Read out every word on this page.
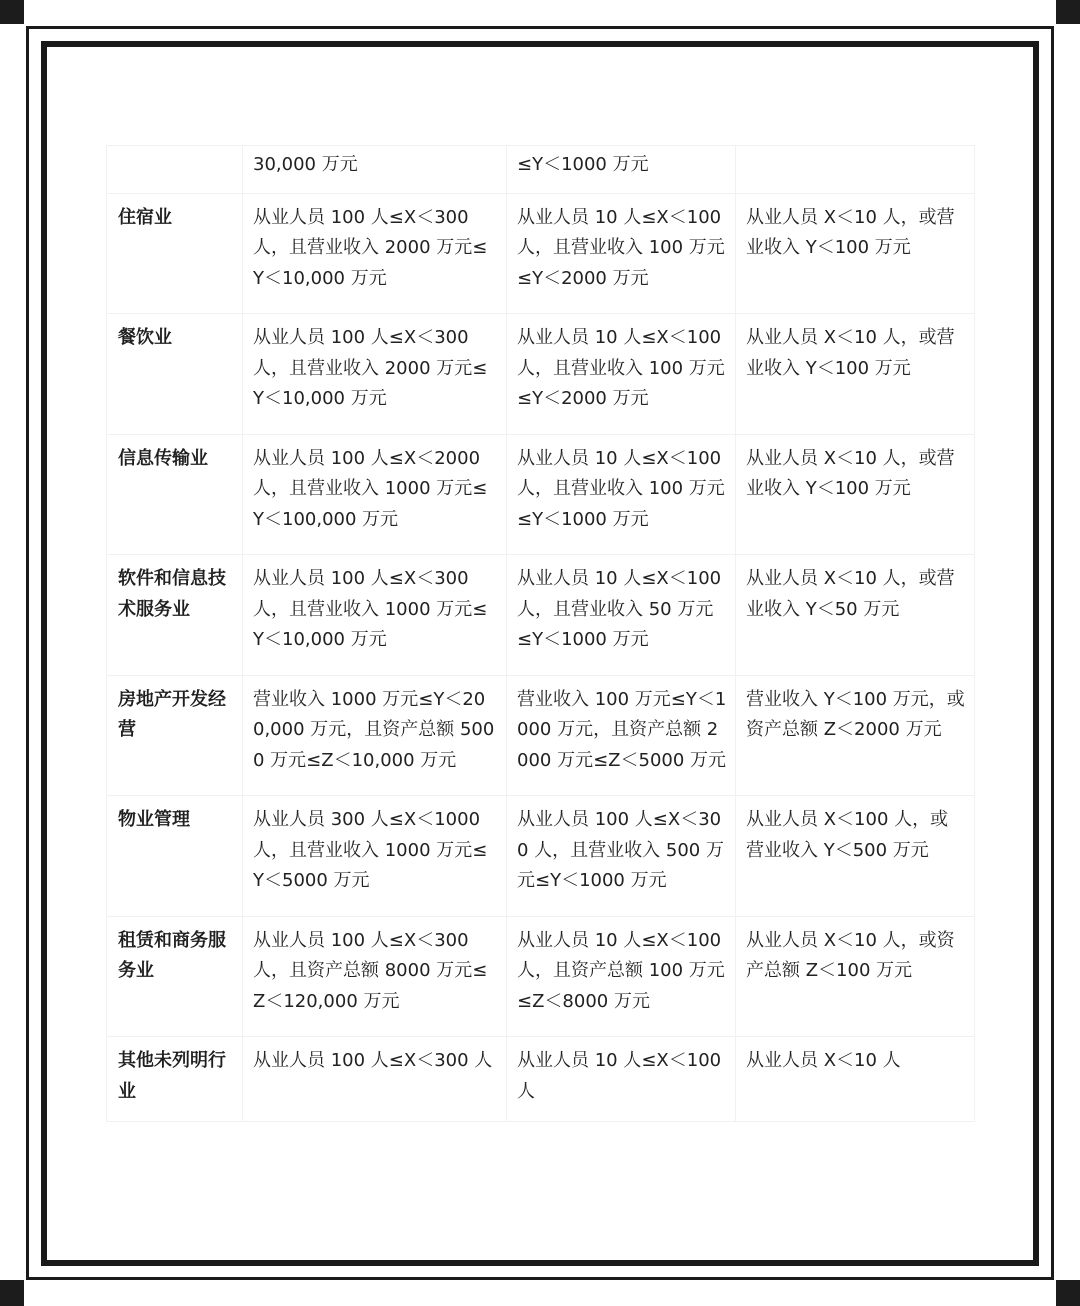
	30,000 万元	≤Y＜1000 万元	
住宿业	从业人员 100 人≤X＜300 人，且营业收入 2000 万元≤Y＜10,000 万元	从业人员 10 人≤X＜100 人，且营业收入 100 万元≤Y＜2000 万元	从业人员 X＜10 人，或营业收入 Y＜100 万元
餐饮业	从业人员 100 人≤X＜300 人，且营业收入 2000 万元≤Y＜10,000 万元	从业人员 10 人≤X＜100 人，且营业收入 100 万元≤Y＜2000 万元	从业人员 X＜10 人，或营业收入 Y＜100 万元
信息传输业	从业人员 100 人≤X＜2000 人，且营业收入 1000 万元≤Y＜100,000 万元	从业人员 10 人≤X＜100 人，且营业收入 100 万元≤Y＜1000 万元	从业人员 X＜10 人，或营业收入 Y＜100 万元
软件和信息技术服务业	从业人员 100 人≤X＜300 人，且营业收入 1000 万元≤Y＜10,000 万元	从业人员 10 人≤X＜100 人，且营业收入 50 万元≤Y＜1000 万元	从业人员 X＜10 人，或营业收入 Y＜50 万元
房地产开发经营	营业收入 1000 万元≤Y＜200,000 万元，且资产总额 5000 万元≤Z＜10,000 万元	营业收入 100 万元≤Y＜1000 万元，且资产总额 2000 万元≤Z＜5000 万元	营业收入 Y＜100 万元，或资产总额 Z＜2000 万元
物业管理	从业人员 300 人≤X＜1000 人，且营业收入 1000 万元≤Y＜5000 万元	从业人员 100 人≤X＜300 人，且营业收入 500 万元≤Y＜1000 万元	从业人员 X＜100 人，或营业收入 Y＜500 万元
租赁和商务服务业	从业人员 100 人≤X＜300 人，且资产总额 8000 万元≤Z＜120,000 万元	从业人员 10 人≤X＜100 人，且资产总额 100 万元≤Z＜8000 万元	从业人员 X＜10 人，或资产总额 Z＜100 万元
其他未列明行业	从业人员 100 人≤X＜300 人	从业人员 10 人≤X＜100 人	从业人员 X＜10 人
